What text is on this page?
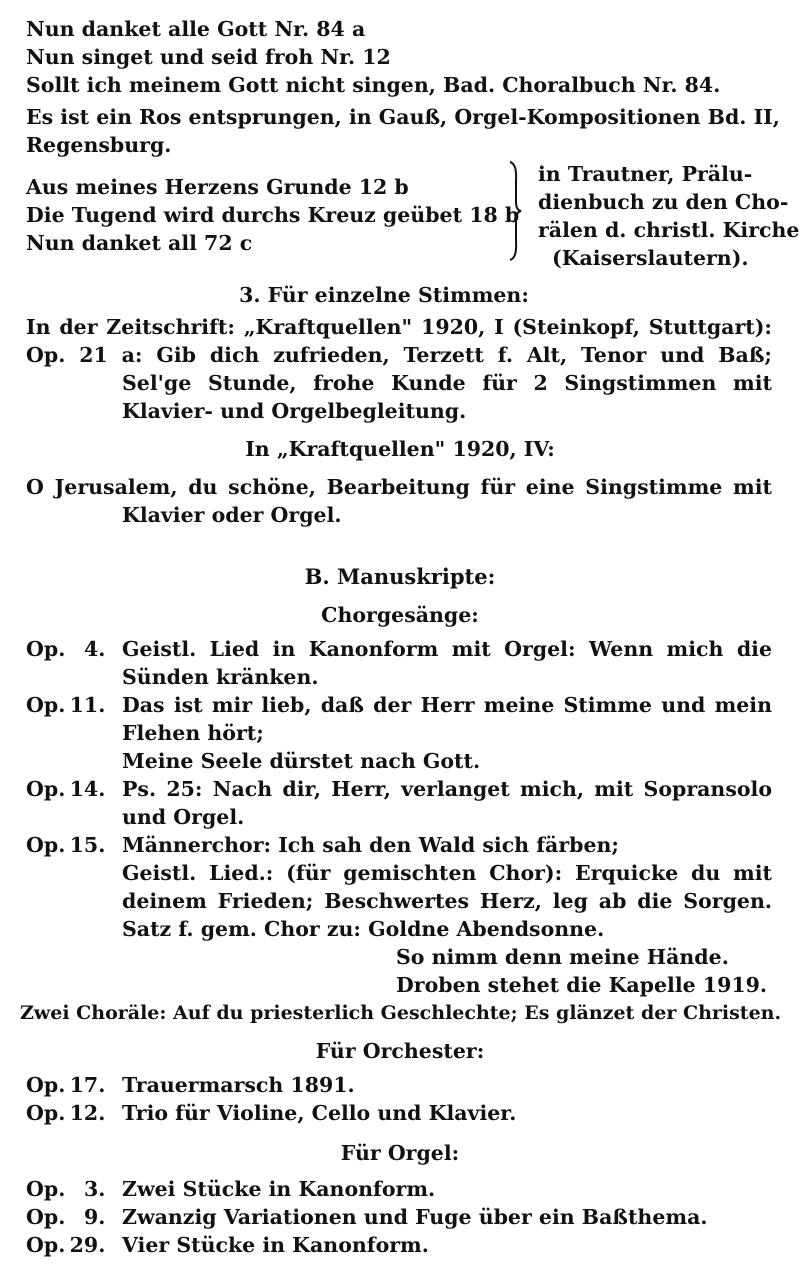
Nun danket alle Gott Nr. 84 a
Nun singet und seid froh Nr. 12
Sollt ich meinem Gott nicht singen, Bad. Choralbuch Nr. 84.
Es ist ein Ros entsprungen, in Gauß, Orgel-Kompositionen Bd. II,
Regensburg.
Aus meines Herzens Grunde 12 b
Die Tugend wird durchs Kreuz geübet 18 b
Nun danket all 72 c
in Trautner, Prälu-
dienbuch zu den Cho-
rälen d. christl. Kirche
(Kaiserslautern).
3. Für einzelne Stimmen:
In der Zeitschrift: „Kraftquellen" 1920, I (Steinkopf, Stuttgart):
Op. 21 a: Gib dich zufrieden, Terzett f. Alt, Tenor und Baß;
Sel'ge Stunde, frohe Kunde für 2 Singstimmen mit
Klavier- und Orgelbegleitung.
In „Kraftquellen" 1920, IV:
O Jerusalem, du schöne, Bearbeitung für eine Singstimme mit
Klavier oder Orgel.
B. Manuskripte:
Chorgesänge:
Op. 4. Geistl. Lied in Kanonform mit Orgel: Wenn mich die
Sünden kränken.
Op. 11. Das ist mir lieb, daß der Herr meine Stimme und mein
Flehen hört;
Meine Seele dürstet nach Gott.
Op. 14. Ps. 25: Nach dir, Herr, verlanget mich, mit Sopransolo
und Orgel.
Op. 15. Männerchor: Ich sah den Wald sich färben;
Geistl. Lied.: (für gemischten Chor): Erquicke du mit
deinem Frieden; Beschwertes Herz, leg ab die Sorgen.
Satz f. gem. Chor zu: Goldne Abendsonne.
So nimm denn meine Hände.
Droben stehet die Kapelle 1919.
Zwei Choräle: Auf du priesterlich Geschlechte; Es glänzet der Christen.
Für Orchester:
Op. 17. Trauermarsch 1891.
Op. 12. Trio für Violine, Cello und Klavier.
Für Orgel:
Op. 3. Zwei Stücke in Kanonform.
Op. 9. Zwanzig Variationen und Fuge über ein Baßthema.
Op. 29. Vier Stücke in Kanonform.
